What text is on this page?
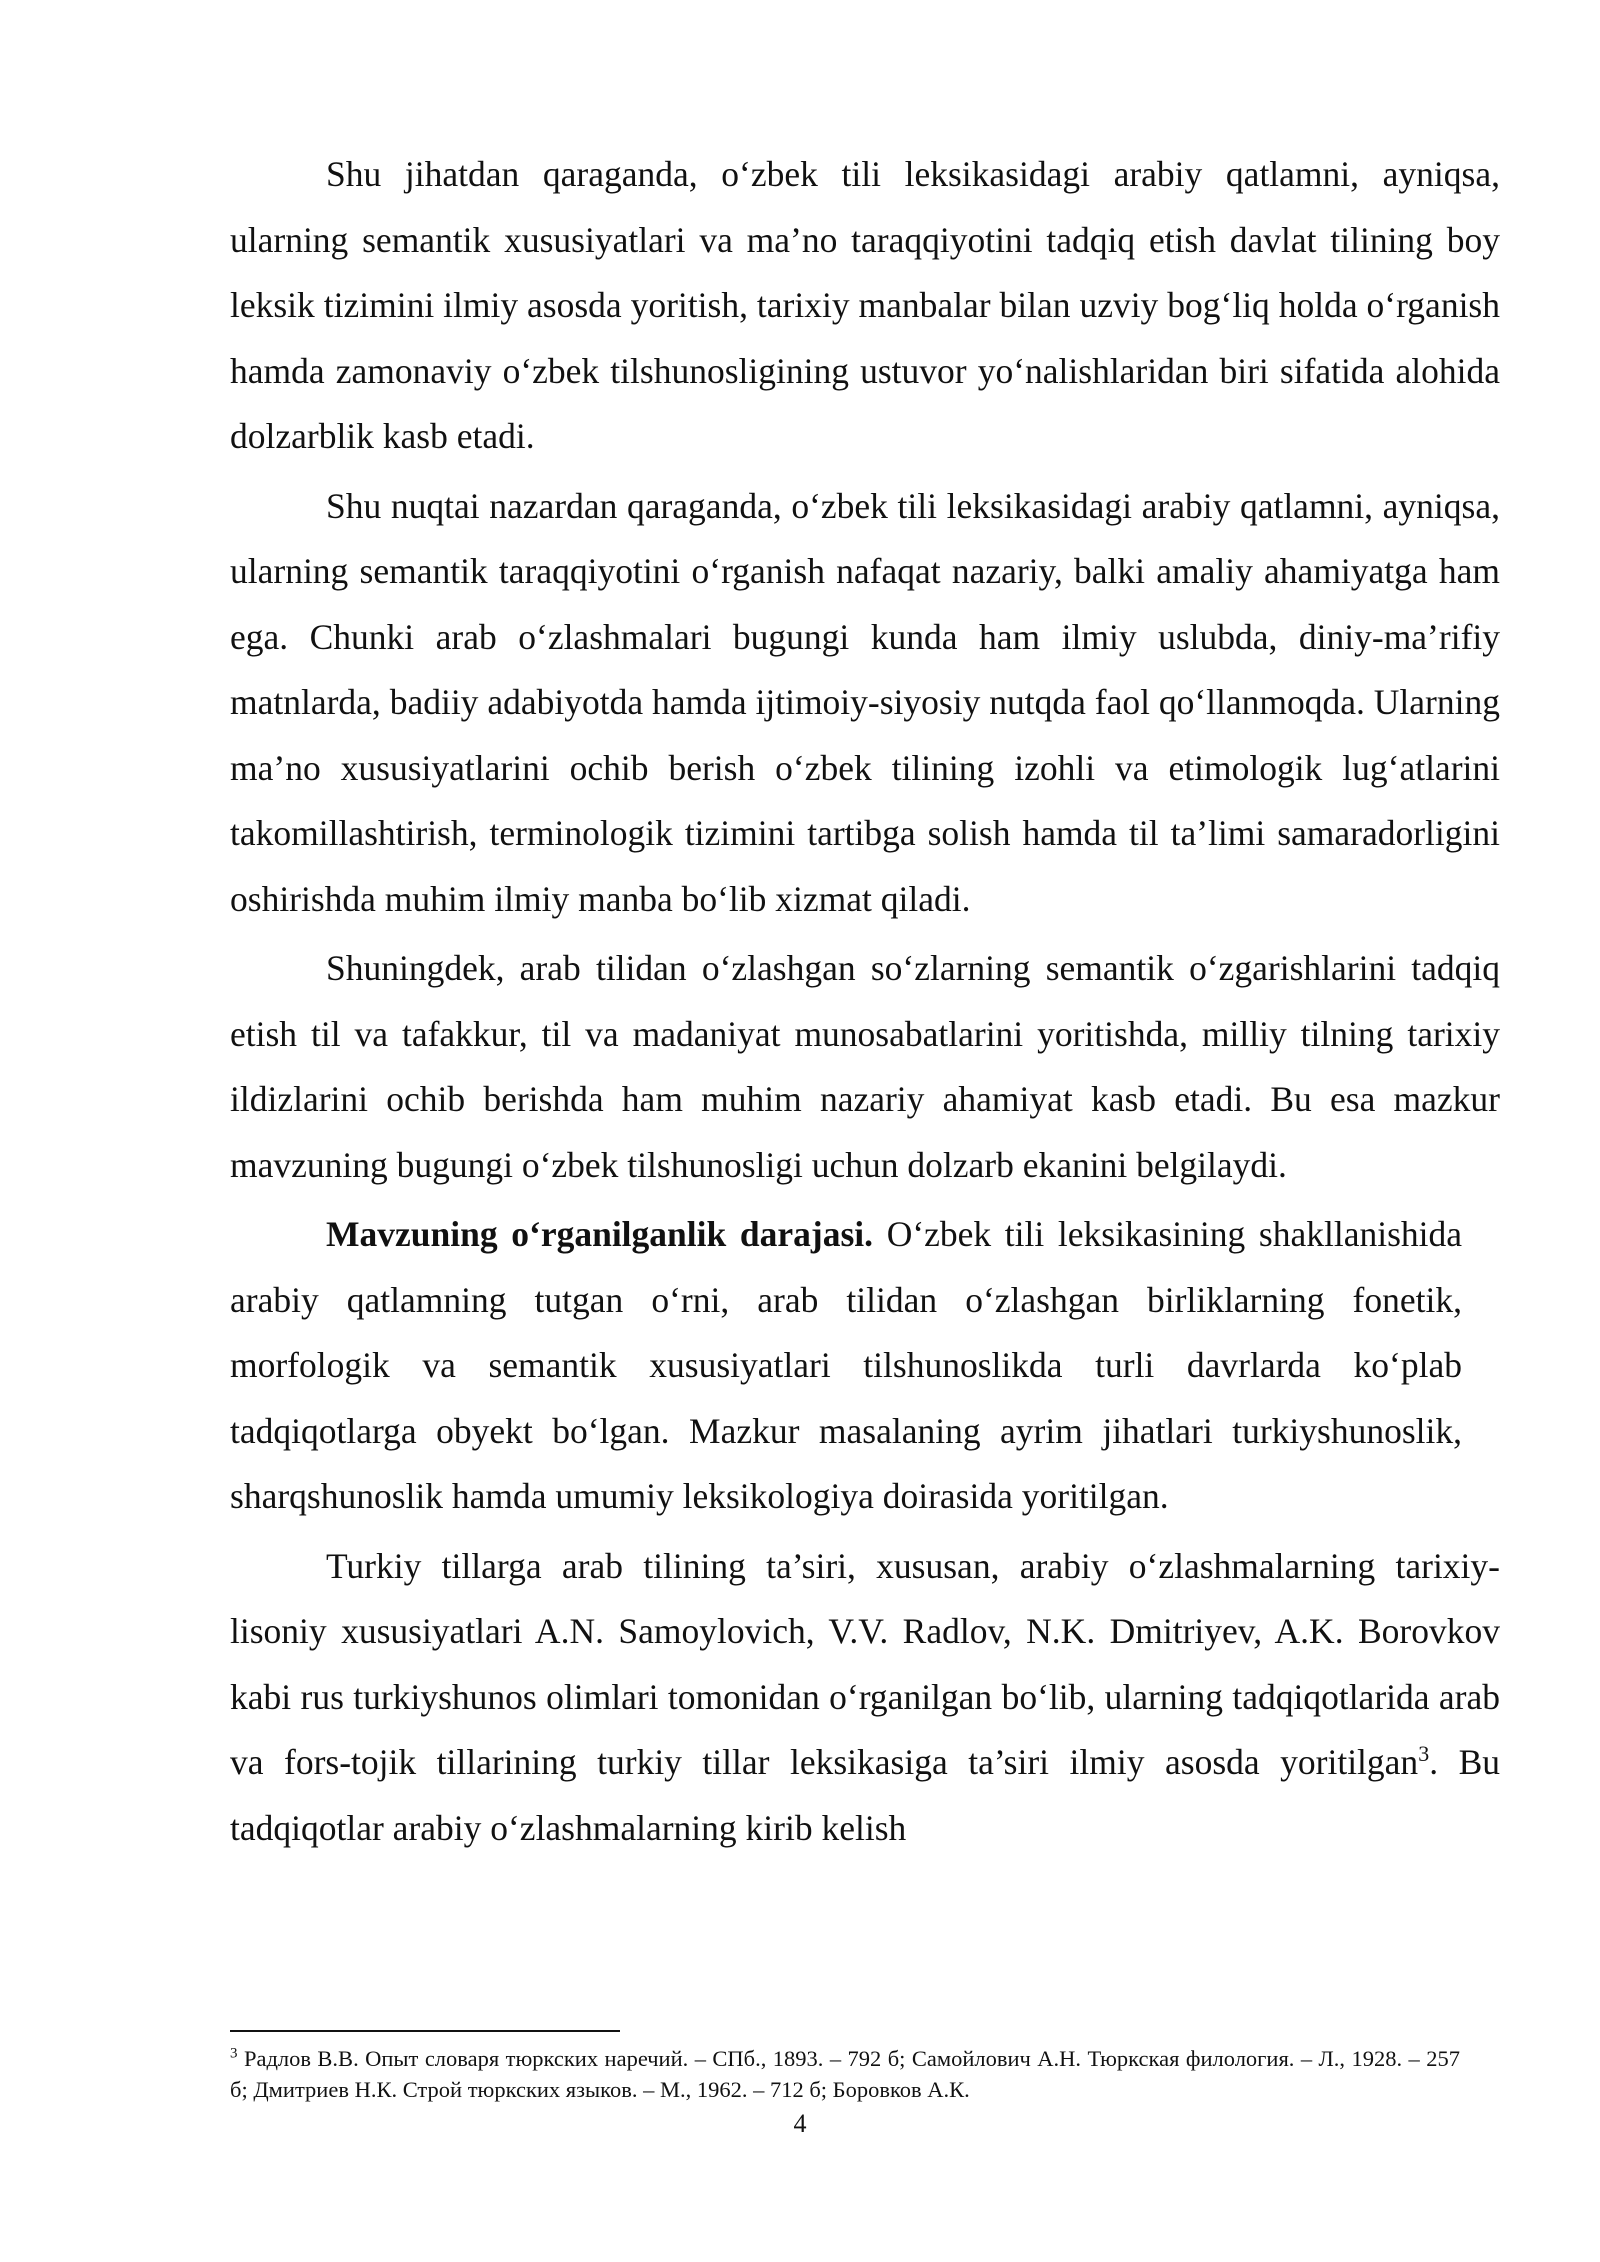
Shu jihatdan qaraganda, o‘zbek tili leksikasidagi arabiy qatlamni, ayniqsa, ularning semantik xususiyatlari va ma’no taraqqiyotini tadqiq etish davlat tilining boy leksik tizimini ilmiy asosda yoritish, tarixiy manbalar bilan uzviy bog‘liq holda o‘rganish hamda zamonaviy o‘zbek tilshunosligining ustuvor yo‘nalishlaridan biri sifatida alohida dolzarblik kasb etadi.

Shu nuqtai nazardan qaraganda, o‘zbek tili leksikasidagi arabiy qatlamni, ayniqsa, ularning semantik taraqqiyotini o‘rganish nafaqat nazariy, balki amaliy ahamiyatga ham ega. Chunki arab o‘zlashmalari bugungi kunda ham ilmiy uslubda, diniy-ma’rifiy matnlarda, badiiy adabiyotda hamda ijtimoiy-siyosiy nutqda faol qo‘llanmoqda. Ularning ma’no xususiyatlarini ochib berish o‘zbek tilining izohli va etimologik lug‘atlarini takomillashtirish, terminologik tizimini tartibga solish hamda til ta’limi samaradorligini oshirishda muhim ilmiy manba bo‘lib xizmat qiladi.

Shuningdek, arab tilidan o‘zlashgan so‘zlarning semantik o‘zgarishlarini tadqiq etish til va tafakkur, til va madaniyat munosabatlarini yoritishda, milliy tilning tarixiy ildizlarini ochib berishda ham muhim nazariy ahamiyat kasb etadi. Bu esa mazkur mavzuning bugungi o‘zbek tilshunosligi uchun dolzarb ekanini belgilaydi.

Mavzuning o‘rganilganlik darajasi. O‘zbek tili leksikasining shakllanishida arabiy qatlamning tutgan o‘rni, arab tilidan o‘zlashgan birliklarning fonetik, morfologik va semantik xususiyatlari tilshunoslikda turli davrlarda ko‘plab tadqiqotlarga obyekt bo‘lgan. Mazkur masalaning ayrim jihatlari turkiyshunoslik, sharqshunoslik hamda umumiy leksikologiya doirasida yoritilgan.

Turkiy tillarga arab tilining ta’siri, xususan, arabiy o‘zlashmalarning tarixiy-lisoniy xususiyatlari A.N. Samoylovich, V.V. Radlov, N.K. Dmitriyev, A.K. Borovkov kabi rus turkiyshunos olimlari tomonidan o‘rganilgan bo‘lib, ularning tadqiqotlarida arab va fors-tojik tillarining turkiy tillar leksikasiga ta’siri ilmiy asosda yoritilgan$^3$. Bu tadqiqotlar arabiy o‘zlashmalarning kirib kelish

$^3$ Радлов В.В. Опыт словаря тюркских наречий. – СПб., 1893. – 792 б; Самойлович А.Н. Тюркская филология. – Л., 1928. – 257 б; Дмитриев Н.К. Строй тюркских языков. – М., 1962. – 712 б; Боровков А.К.

4
